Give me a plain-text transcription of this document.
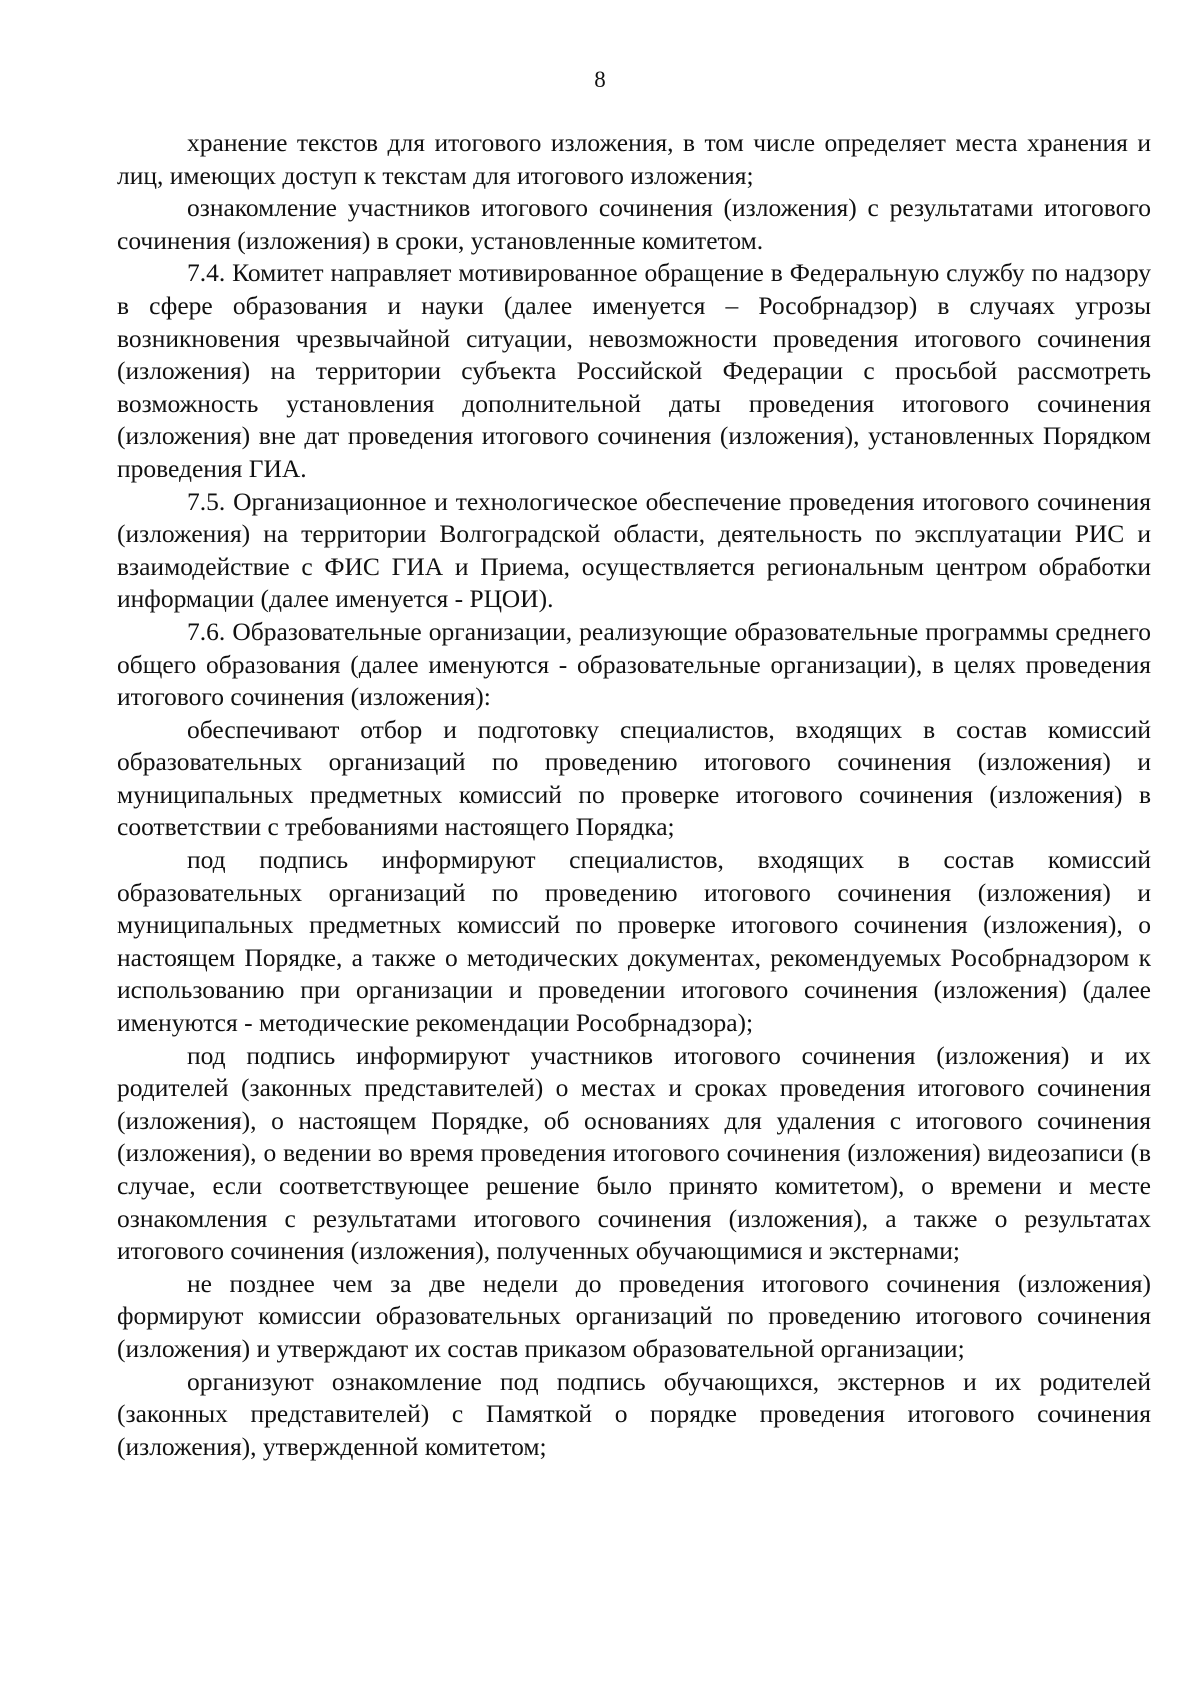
8

хранение текстов для итогового изложения, в том числе определяет места хранения и лиц, имеющих доступ к текстам для итогового изложения;

ознакомление участников итогового сочинения (изложения) с результатами итогового сочинения (изложения) в сроки, установленные комитетом.

7.4. Комитет направляет мотивированное обращение в Федеральную службу по надзору в сфере образования и науки (далее именуется – Рособрнадзор) в случаях угрозы возникновения чрезвычайной ситуации, невозможности проведения итогового сочинения (изложения) на территории субъекта Российской Федерации с просьбой рассмотреть возможность установления дополнительной даты проведения итогового сочинения (изложения) вне дат проведения итогового сочинения (изложения), установленных Порядком проведения ГИА.

7.5. Организационное и технологическое обеспечение проведения итогового сочинения (изложения) на территории Волгоградской области, деятельность по эксплуатации РИС и взаимодействие с ФИС ГИА и Приема, осуществляется региональным центром обработки информации (далее именуется - РЦОИ).

7.6. Образовательные организации, реализующие образовательные программы среднего общего образования (далее именуются - образовательные организации), в целях проведения итогового сочинения (изложения):

обеспечивают отбор и подготовку специалистов, входящих в состав комиссий образовательных организаций по проведению итогового сочинения (изложения) и муниципальных предметных комиссий по проверке итогового сочинения (изложения) в соответствии с требованиями настоящего Порядка;

под подпись информируют специалистов, входящих в состав комиссий образовательных организаций по проведению итогового сочинения (изложения) и муниципальных предметных комиссий по проверке итогового сочинения (изложения), о настоящем Порядке, а также о методических документах, рекомендуемых Рособрнадзором к использованию при организации и проведении итогового сочинения (изложения) (далее именуются - методические рекомендации Рособрнадзора);

под подпись информируют участников итогового сочинения (изложения) и их родителей (законных представителей) о местах и сроках проведения итогового сочинения (изложения), о настоящем Порядке, об основаниях для удаления с итогового сочинения (изложения), о ведении во время проведения итогового сочинения (изложения) видеозаписи (в случае, если соответствующее решение было принято комитетом), о времени и месте ознакомления с результатами итогового сочинения (изложения), а также о результатах итогового сочинения (изложения), полученных обучающимися и экстернами;

не позднее чем за две недели до проведения итогового сочинения (изложения) формируют комиссии образовательных организаций по проведению итогового сочинения (изложения) и утверждают их состав приказом образовательной организации;

организуют ознакомление под подпись обучающихся, экстернов и их родителей (законных представителей) с Памяткой о порядке проведения итогового сочинения (изложения), утвержденной комитетом;
